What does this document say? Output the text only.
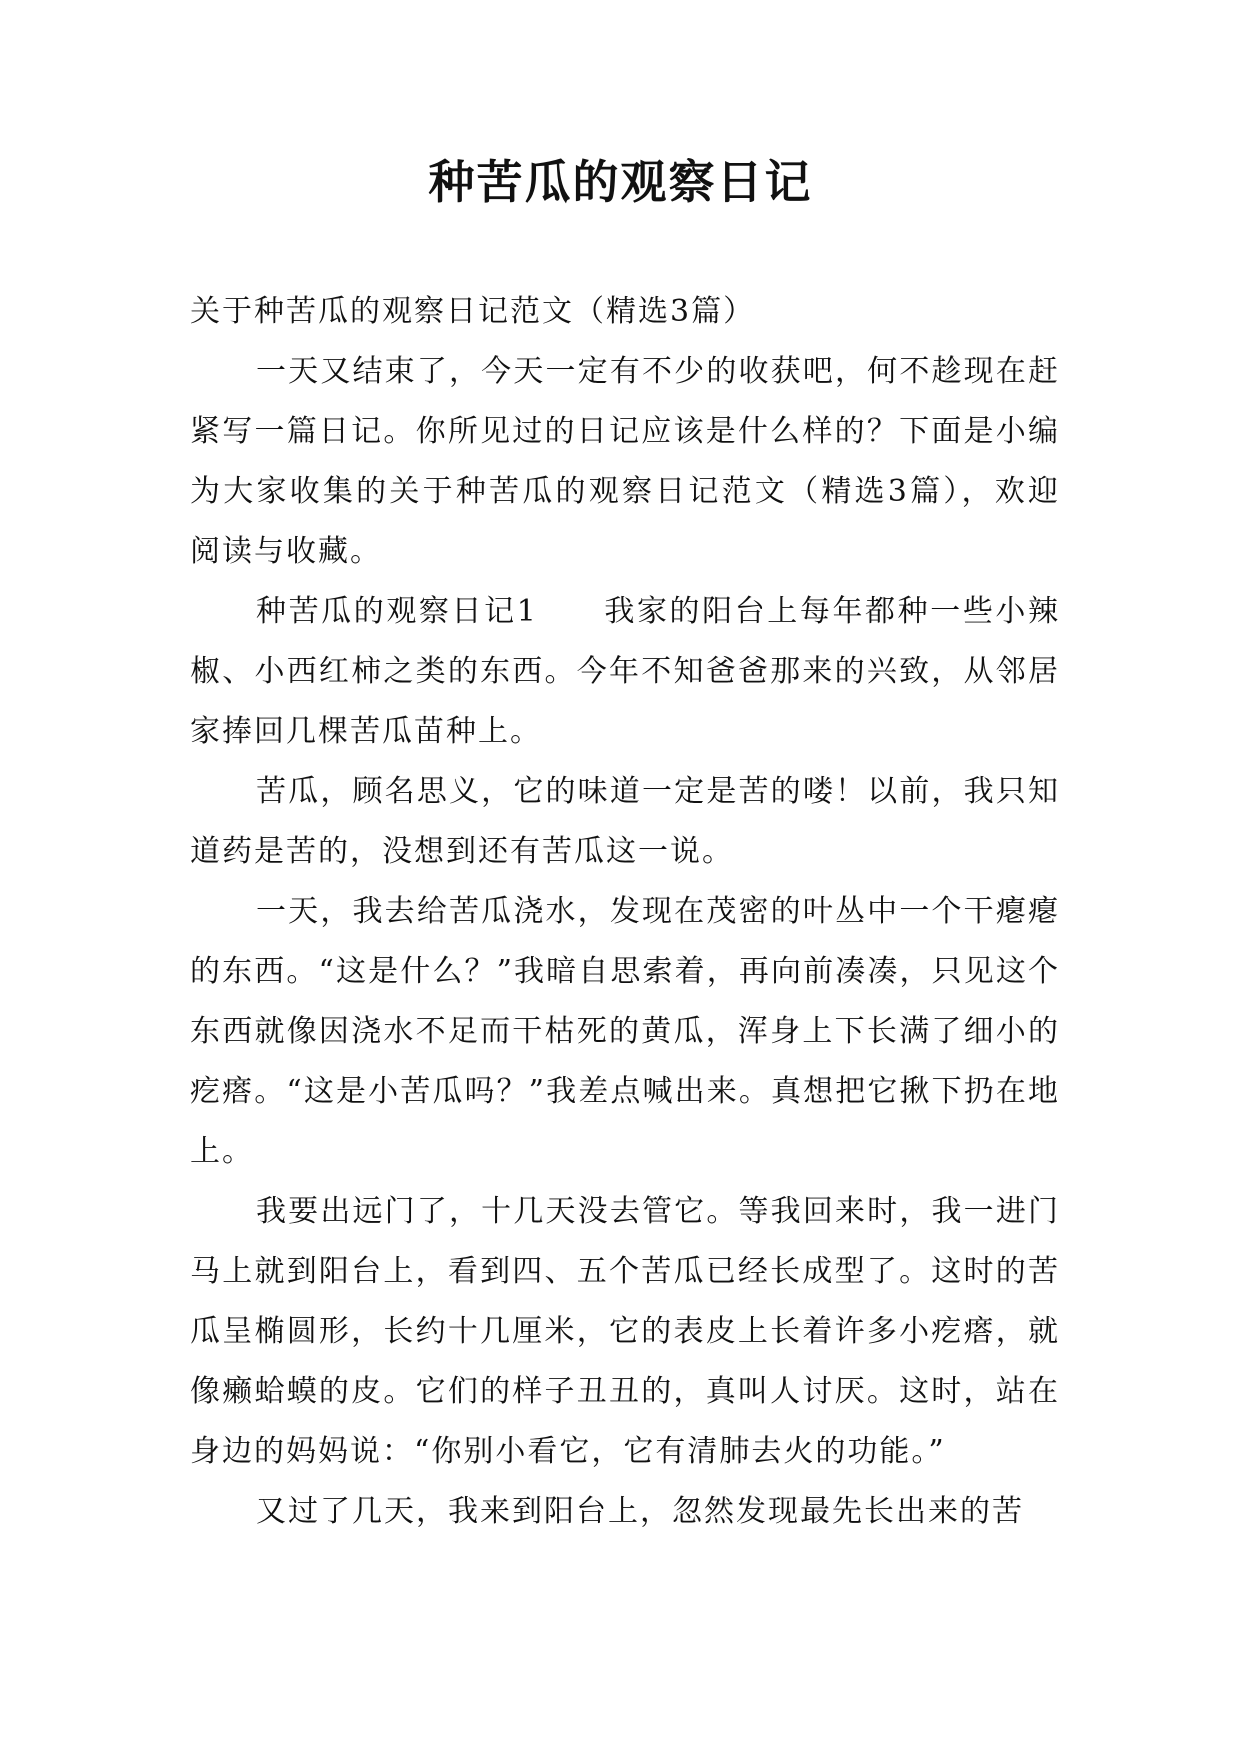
种苦瓜的观察日记

关于种苦瓜的观察日记范文（精选3篇）

一天又结束了，今天一定有不少的收获吧，何不趁现在赶紧写一篇日记。你所见过的日记应该是什么样的？下面是小编为大家收集的关于种苦瓜的观察日记范文（精选3篇），欢迎阅读与收藏。

种苦瓜的观察日记1 我家的阳台上每年都种一些小辣椒、小西红柿之类的东西。今年不知爸爸那来的兴致，从邻居家捧回几棵苦瓜苗种上。

苦瓜，顾名思义，它的味道一定是苦的喽！以前，我只知道药是苦的，没想到还有苦瓜这一说。

一天，我去给苦瓜浇水，发现在茂密的叶丛中一个干瘪瘪的东西。“这是什么？”我暗自思索着，再向前凑凑，只见这个东西就像因浇水不足而干枯死的黄瓜，浑身上下长满了细小的疙瘩。“这是小苦瓜吗？”我差点喊出来。真想把它揪下扔在地上。

我要出远门了，十几天没去管它。等我回来时，我一进门马上就到阳台上，看到四、五个苦瓜已经长成型了。这时的苦瓜呈椭圆形，长约十几厘米，它的表皮上长着许多小疙瘩，就像癞蛤蟆的皮。它们的样子丑丑的，真叫人讨厌。这时，站在身边的妈妈说：“你别小看它，它有清肺去火的功能。”

又过了几天，我来到阳台上，忽然发现最先长出来的苦
